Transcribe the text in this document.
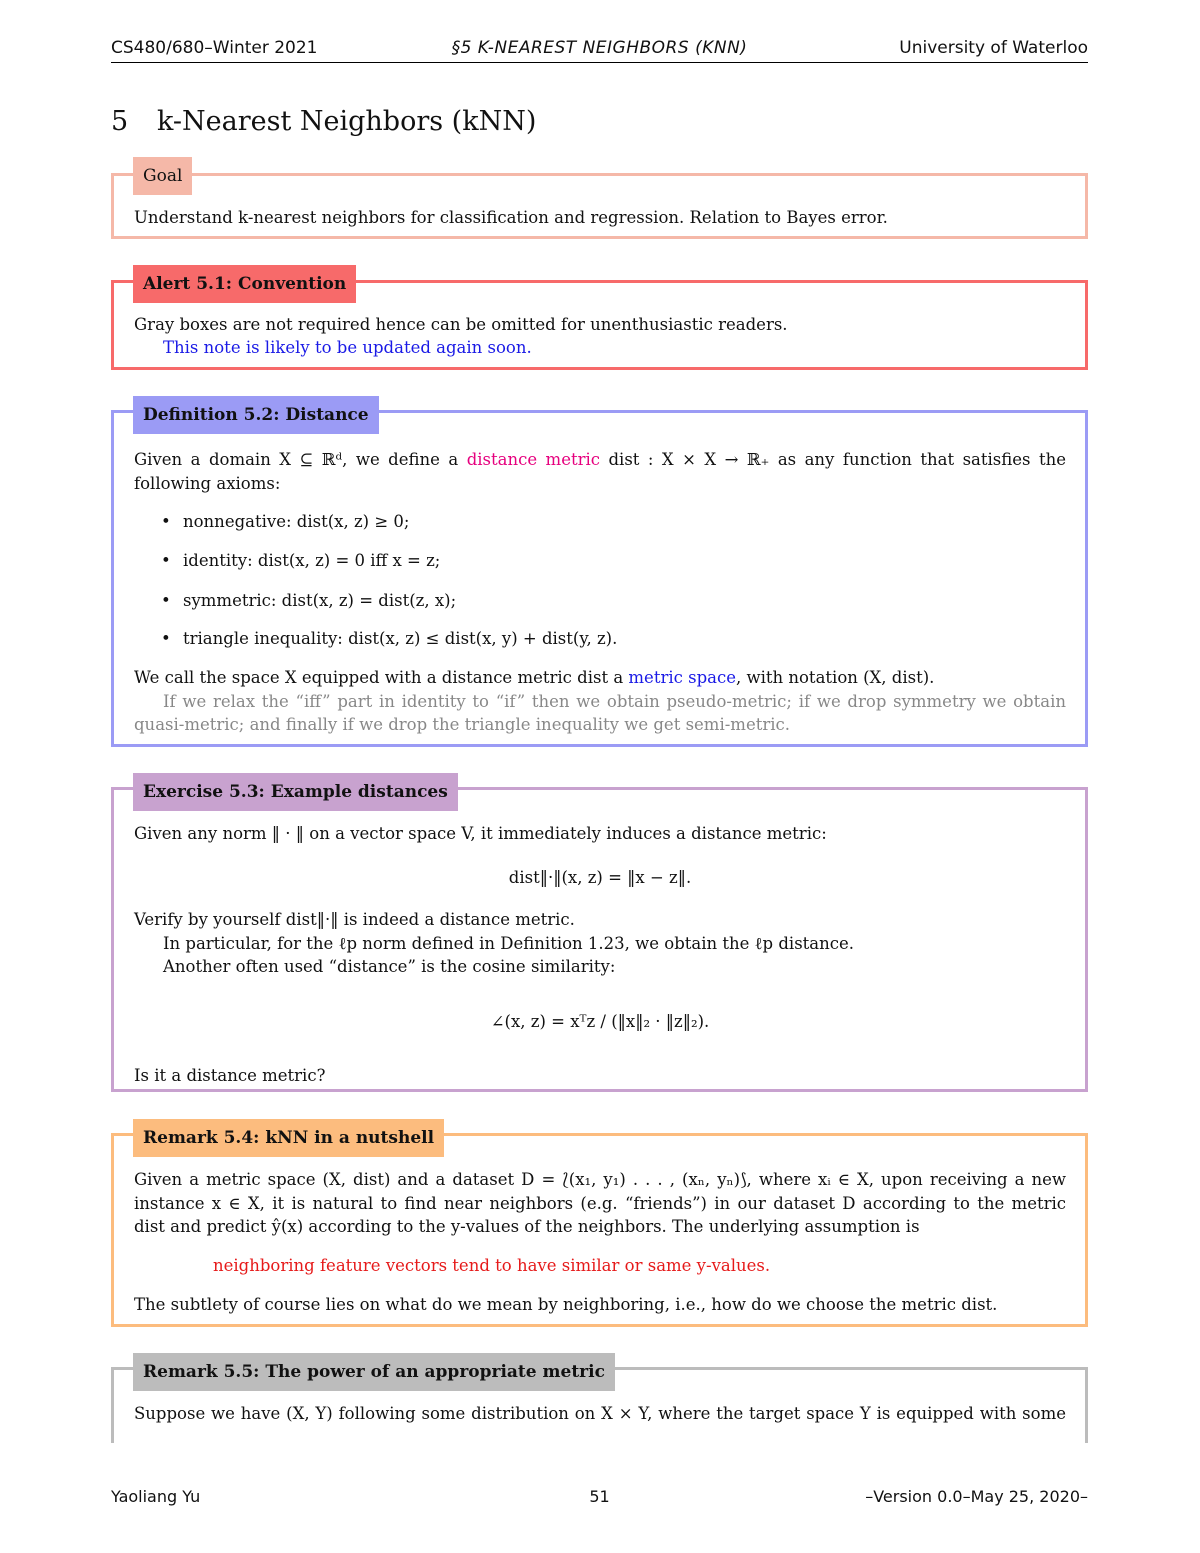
CS480/680–Winter 2021	§5 K-NEAREST NEIGHBORS (KNN)	University of Waterloo
5 k-Nearest Neighbors (kNN)
Goal
Understand k-nearest neighbors for classification and regression. Relation to Bayes error.
Alert 5.1: Convention
Gray boxes are not required hence can be omitted for unenthusiastic readers.
This note is likely to be updated again soon.
Definition 5.2: Distance
Given a domain X ⊆ ℝᵈ, we define a distance metric dist : X × X → ℝ₊ as any function that satisfies the
following axioms:
• nonnegative: dist(x, z) ≥ 0;
• identity: dist(x, z) = 0 iff x = z;
• symmetric: dist(x, z) = dist(z, x);
• triangle inequality: dist(x, z) ≤ dist(x, y) + dist(y, z).
We call the space X equipped with a distance metric dist a metric space, with notation (X, dist).
If we relax the “iff” part in identity to “if” then we obtain pseudo-metric; if we drop symmetry we obtain
quasi-metric; and finally if we drop the triangle inequality we get semi-metric.
Exercise 5.3: Example distances
Given any norm ‖ · ‖ on a vector space V, it immediately induces a distance metric:
dist‖·‖(x, z) = ‖x − z‖.
Verify by yourself dist‖·‖ is indeed a distance metric.
In particular, for the ℓp norm defined in Definition 1.23, we obtain the ℓp distance.
Another often used “distance” is the cosine similarity:
∠(x, z) = xᵀz / (‖x‖₂ · ‖z‖₂).
Is it a distance metric?
Remark 5.4: kNN in a nutshell
Given a metric space (X, dist) and a dataset D = ⟅(x₁, y₁) . . . , (xₙ, yₙ)⟆, where xᵢ ∈ X, upon receiving a new
instance x ∈ X, it is natural to find near neighbors (e.g. “friends”) in our dataset D according to the metric
dist and predict ŷ(x) according to the y-values of the neighbors. The underlying assumption is
neighboring feature vectors tend to have similar or same y-values.
The subtlety of course lies on what do we mean by neighboring, i.e., how do we choose the metric dist.
Remark 5.5: The power of an appropriate metric
Suppose we have (X, Y) following some distribution on X × Y, where the target space Y is equipped with some
Yaoliang Yu	51	–Version 0.0–May 25, 2020–
